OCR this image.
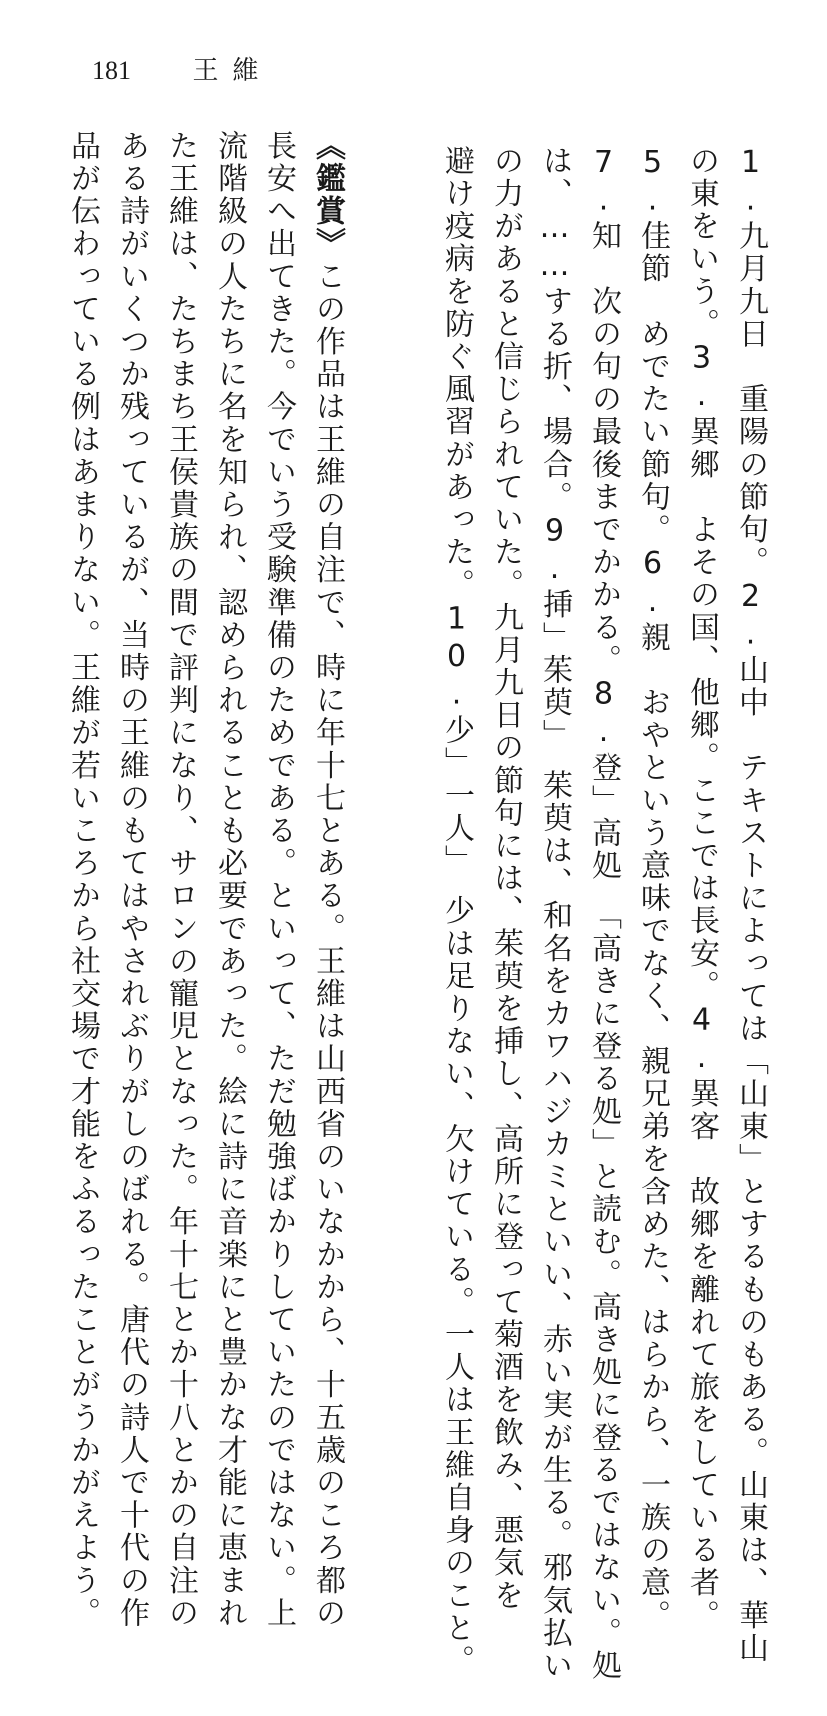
181 王維
1.九月九日　重陽の節句。2.山中　テキストによっては「山東」とするものもある。山東は、華山
の東をいう。3.異郷　よその国、他郷。ここでは長安。4.異客　故郷を離れて旅をしている者。
5.佳節　めでたい節句。6.親　おやという意味でなく、親兄弟を含めた、はらから、一族の意。
7.知　次の句の最後までかかる。8.登」高処　「高きに登る処」と読む。高き処に登るではない。処
は、……する折、場合。9.挿」茱萸」　茱萸は、和名をカワハジカミといい、赤い実が生る。邪気払い
の力があると信じられていた。九月九日の節句には、茱萸を挿し、高所に登って菊酒を飲み、悪気を
避け疫病を防ぐ風習があった。10.少」一人」　少は足りない、欠けている。一人は王維自身のこと。
《鑑賞》この作品は王維の自注で、時に年十七とある。王維は山西省のいなかから、十五歳のころ都の
長安へ出てきた。今でいう受験準備のためである。といって、ただ勉強ばかりしていたのではない。上
流階級の人たちに名を知られ、認められることも必要であった。絵に詩に音楽にと豊かな才能に恵まれ
た王維は、たちまち王侯貴族の間で評判になり、サロンの寵児となった。年十七とか十八とかの自注の
ある詩がいくつか残っているが、当時の王維のもてはやされぶりがしのばれる。唐代の詩人で十代の作
品が伝わっている例はあまりない。王維が若いころから社交場で才能をふるったことがうかがえよう。
